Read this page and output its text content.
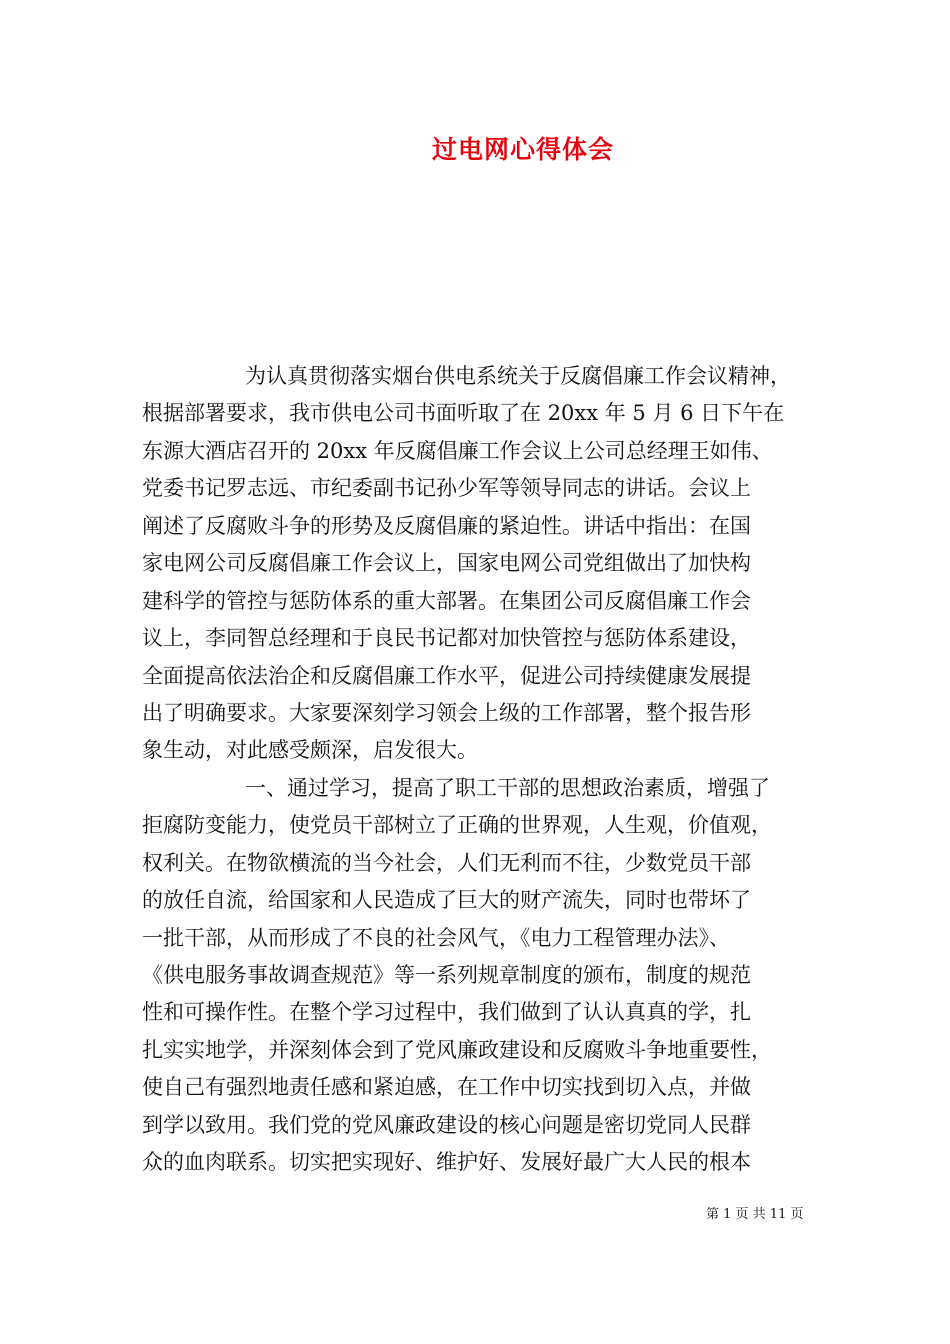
过电网心得体会
为认真贯彻落实烟台供电系统关于反腐倡廉工作会议精神，
根据部署要求，我市供电公司书面听取了在 20xx 年 5 月 6 日下午在
东源大酒店召开的 20xx 年反腐倡廉工作会议上公司总经理王如伟、
党委书记罗志远、市纪委副书记孙少军等领导同志的讲话。会议上
阐述了反腐败斗争的形势及反腐倡廉的紧迫性。讲话中指出：在国
家电网公司反腐倡廉工作会议上，国家电网公司党组做出了加快构
建科学的管控与惩防体系的重大部署。在集团公司反腐倡廉工作会
议上，李同智总经理和于良民书记都对加快管控与惩防体系建设，
全面提高依法治企和反腐倡廉工作水平，促进公司持续健康发展提
出了明确要求。大家要深刻学习领会上级的工作部署，整个报告形
象生动，对此感受颇深，启发很大。
一、通过学习，提高了职工干部的思想政治素质，增强了
拒腐防变能力，使党员干部树立了正确的世界观，人生观，价值观，
权利关。在物欲横流的当今社会，人们无利而不往，少数党员干部
的放任自流，给国家和人民造成了巨大的财产流失，同时也带坏了
一批干部，从而形成了不良的社会风气，《电力工程管理办法》、
《供电服务事故调查规范》等一系列规章制度的颁布，制度的规范
性和可操作性。在整个学习过程中，我们做到了认认真真的学，扎
扎实实地学，并深刻体会到了党风廉政建设和反腐败斗争地重要性，
使自己有强烈地责任感和紧迫感，在工作中切实找到切入点，并做
到学以致用。我们党的党风廉政建设的核心问题是密切党同人民群
众的血肉联系。切实把实现好、维护好、发展好最广大人民的根本
第 1 页 共 11 页
